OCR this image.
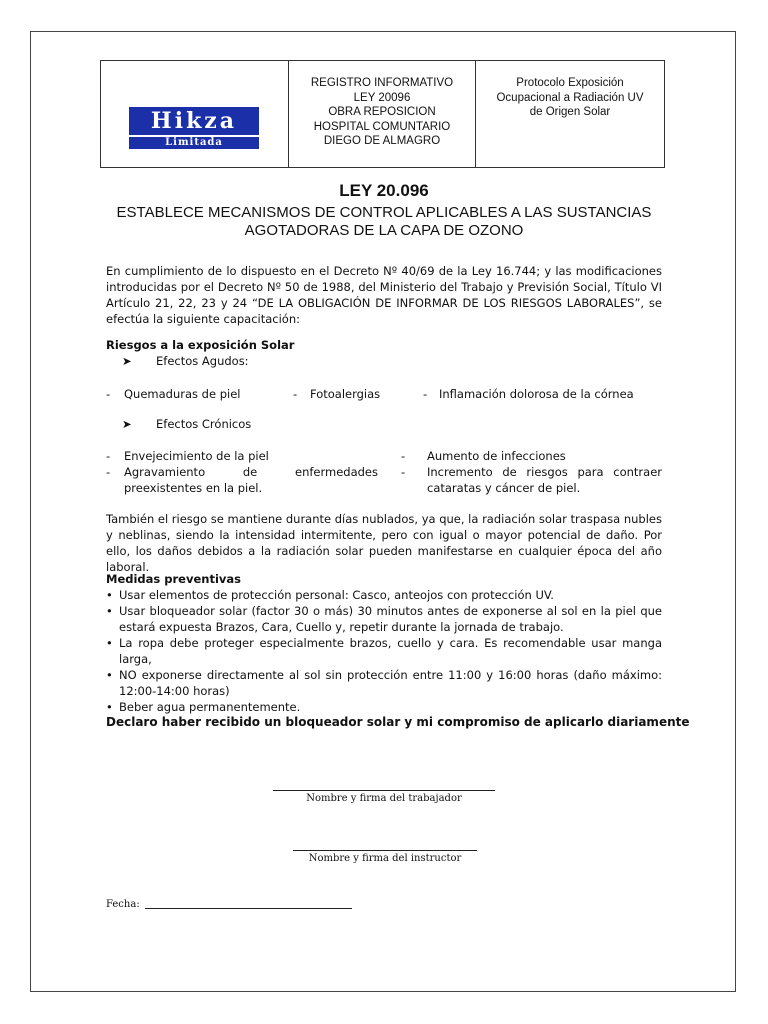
Hikza
Limitada
REGISTRO INFORMATIVO
LEY 20096
OBRA REPOSICION
HOSPITAL COMUNTARIO
DIEGO DE ALMAGRO
Protocolo Exposición
Ocupacional a Radiación UV
de Origen Solar
LEY 20.096
ESTABLECE MECANISMOS DE CONTROL APLICABLES A LAS SUSTANCIAS AGOTADORAS DE LA CAPA DE OZONO
En cumplimiento de lo dispuesto en el Decreto Nº 40/69 de la Ley 16.744; y las modificaciones introducidas por el Decreto Nº 50 de 1988, del Ministerio del Trabajo y Previsión Social, Título VI Artículo 21, 22, 23 y 24 “DE LA OBLIGACIÓN DE INFORMAR DE LOS RIESGOS LABORALES”, se efectúa la siguiente capacitación:
Riesgos a la exposición Solar
➤ Efectos Agudos:
- Quemaduras de piel	- Fotoalergias	- Inflamación dolorosa de la córnea
➤ Efectos Crónicos
- Envejecimiento de la piel
- Agravamiento de enfermedades preexistentes en la piel.
- Aumento de infecciones
- Incremento de riesgos para contraer cataratas y cáncer de piel.
También el riesgo se mantiene durante días nublados, ya que, la radiación solar traspasa nubles y neblinas, siendo la intensidad intermitente, pero con igual o mayor potencial de daño. Por ello, los daños debidos a la radiación solar pueden manifestarse en cualquier época del año laboral.
Medidas preventivas
• Usar elementos de protección personal: Casco, anteojos con protección UV.
• Usar bloqueador solar (factor 30 o más) 30 minutos antes de exponerse al sol en la piel que estará expuesta Brazos, Cara, Cuello y, repetir durante la jornada de trabajo.
• La ropa debe proteger especialmente brazos, cuello y cara. Es recomendable usar manga larga,
• NO exponerse directamente al sol sin protección entre 11:00 y 16:00 horas (daño máximo: 12:00-14:00 horas)
• Beber agua permanentemente.
Declaro haber recibido un bloqueador solar y mi compromiso de aplicarlo diariamente
Nombre y firma del trabajador
Nombre y firma del instructor
Fecha:
